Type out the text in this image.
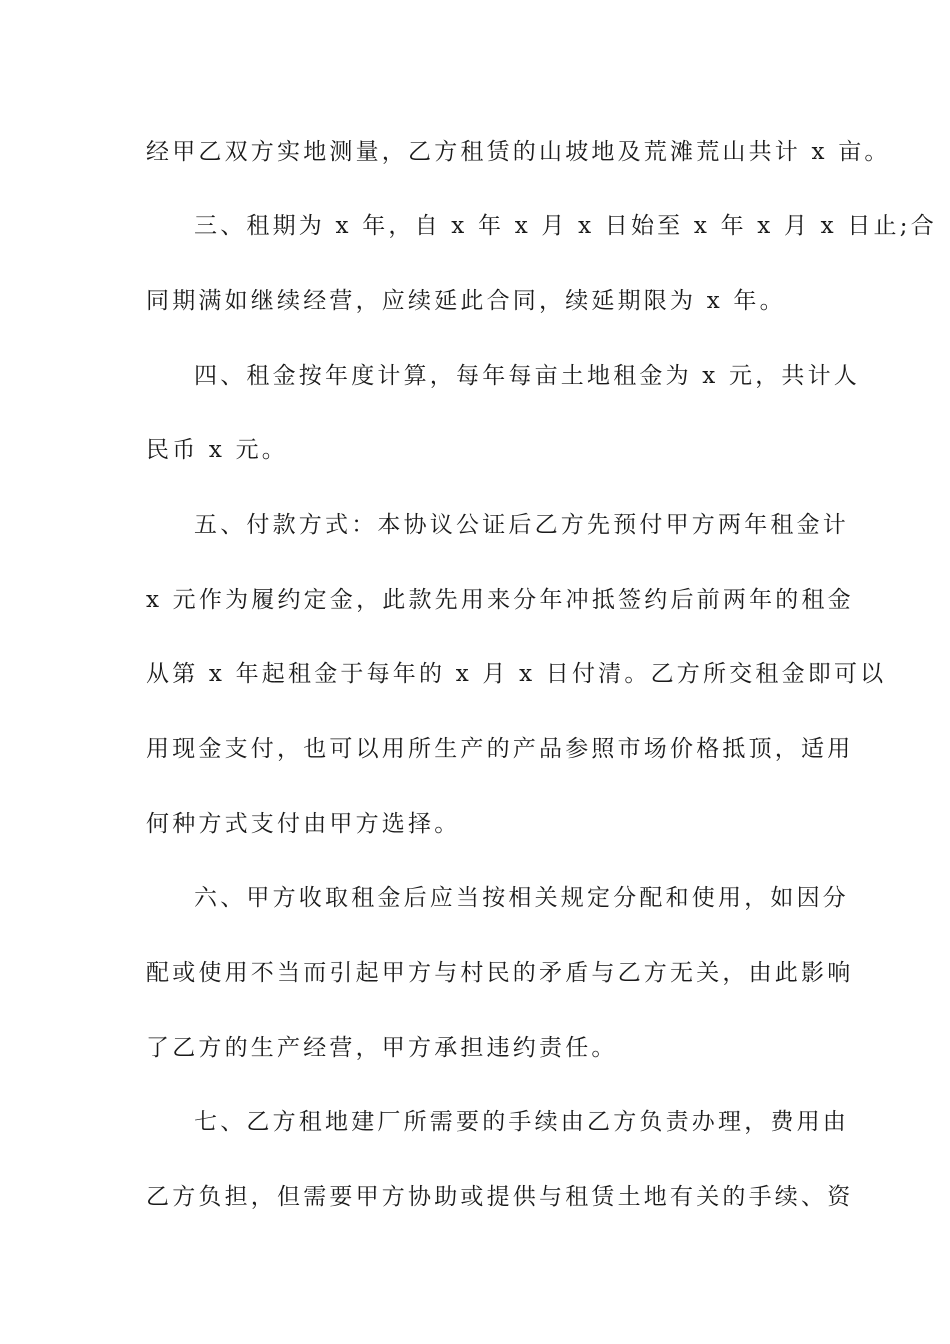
经甲乙双方实地测量，乙方租赁的山坡地及荒滩荒山共计 x 亩。
三、租期为 x 年，自 x 年 x 月 x 日始至 x 年 x 月 x 日止;合
同期满如继续经营，应续延此合同，续延期限为 x 年。
四、租金按年度计算，每年每亩土地租金为 x 元，共计人
民币 x 元。
五、付款方式：本协议公证后乙方先预付甲方两年租金计
x 元作为履约定金，此款先用来分年冲抵签约后前两年的租金
从第 x 年起租金于每年的 x 月 x 日付清。乙方所交租金即可以
用现金支付，也可以用所生产的产品参照市场价格抵顶，适用
何种方式支付由甲方选择。
六、甲方收取租金后应当按相关规定分配和使用，如因分
配或使用不当而引起甲方与村民的矛盾与乙方无关，由此影响
了乙方的生产经营，甲方承担违约责任。
七、乙方租地建厂所需要的手续由乙方负责办理，费用由
乙方负担，但需要甲方协助或提供与租赁土地有关的手续、资
